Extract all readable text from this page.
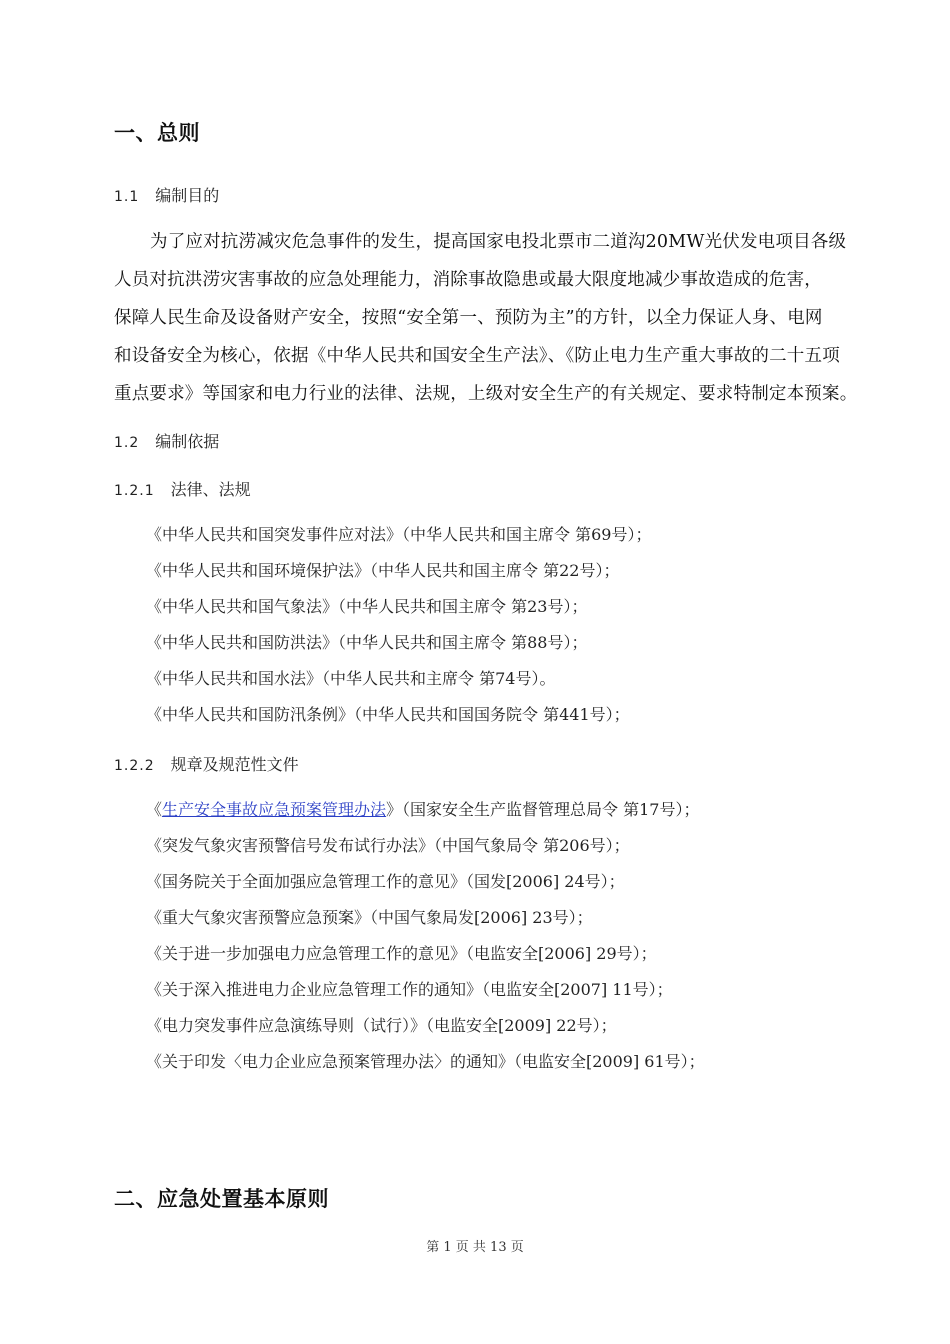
一、总则
1.1 编制目的
为了应对抗涝减灾危急事件的发生，提高国家电投北票市二道沟20MW光伏发电项目各级
人员对抗洪涝灾害事故的应急处理能力，消除事故隐患或最大限度地减少事故造成的危害，
保障人民生命及设备财产安全，按照“安全第一、预防为主”的方针，以全力保证人身、电网
和设备安全为核心，依据《中华人民共和国安全生产法》、《防止电力生产重大事故的二十五项
重点要求》等国家和电力行业的法律、法规，上级对安全生产的有关规定、要求特制定本预案。
1.2 编制依据
1.2.1 法律、法规
《中华人民共和国突发事件应对法》（中华人民共和国主席令 第69号）；
《中华人民共和国环境保护法》（中华人民共和国主席令 第22号）；
《中华人民共和国气象法》（中华人民共和国主席令 第23号）；
《中华人民共和国防洪法》（中华人民共和国主席令 第88号）；
《中华人民共和国水法》（中华人民共和主席令 第74号）。
《中华人民共和国防汛条例》（中华人民共和国国务院令 第441号）；
1.2.2 规章及规范性文件
《生产安全事故应急预案管理办法》（国家安全生产监督管理总局令 第17号）；
《突发气象灾害预警信号发布试行办法》（中国气象局令 第206号）；
《国务院关于全面加强应急管理工作的意见》（国发[2006] 24号）；
《重大气象灾害预警应急预案》（中国气象局发[2006] 23号）；
《关于进一步加强电力应急管理工作的意见》（电监安全[2006] 29号）；
《关于深入推进电力企业应急管理工作的通知》（电监安全[2007] 11号）；
《电力突发事件应急演练导则（试行）》（电监安全[2009] 22号）；
《关于印发〈电力企业应急预案管理办法〉的通知》（电监安全[2009] 61号）；
二、应急处置基本原则
第 1 页 共 13 页
